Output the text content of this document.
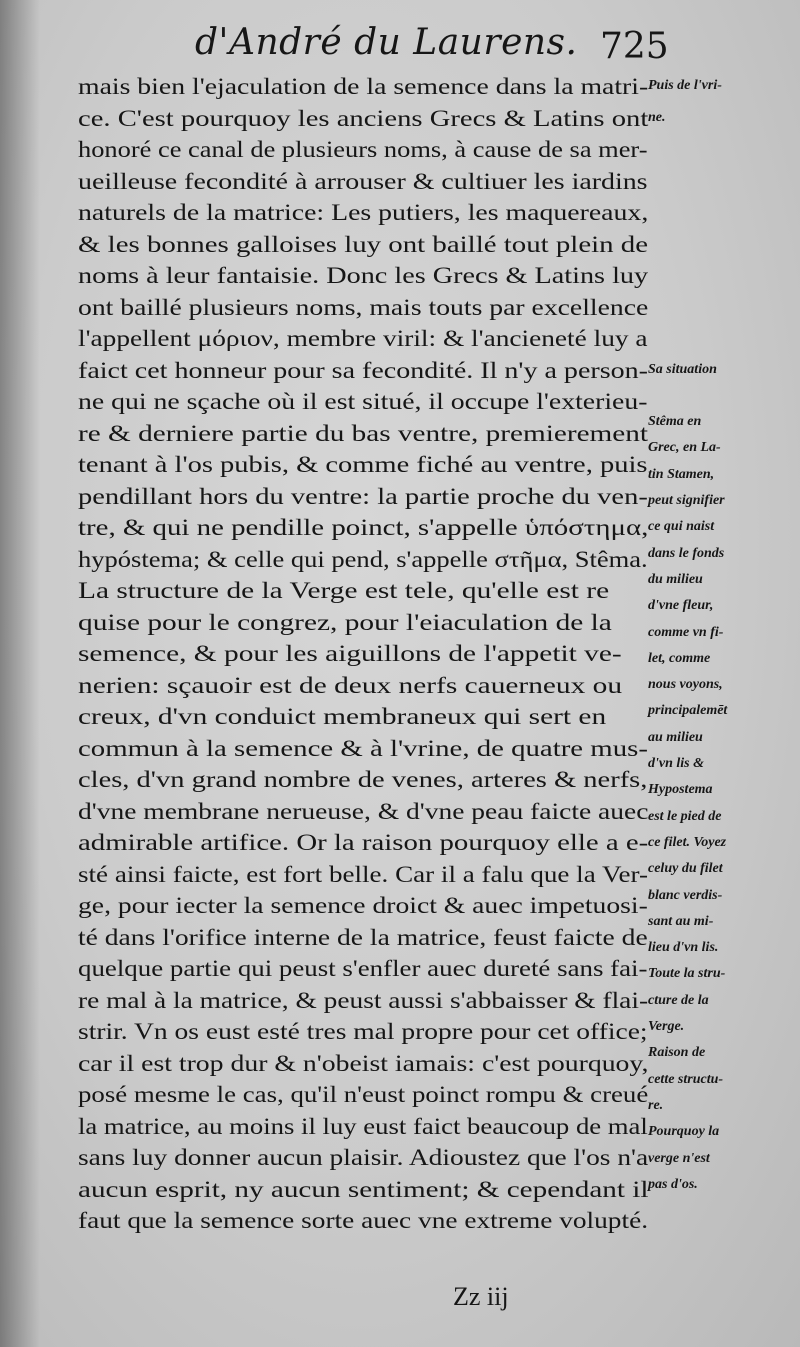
d'André du Laurens. 725
mais bien l'ejaculation de la semence dans la matri-
ce. C'est pourquoy les anciens Grecs & Latins ont
honoré ce canal de plusieurs noms, à cause de sa mer-
ueilleuse fecondité à arrouser & cultiuer les iardins
naturels de la matrice: Les putiers, les maquereaux,
& les bonnes galloises luy ont baillé tout plein de
noms à leur fantaisie. Donc les Grecs & Latins luy
ont baillé plusieurs noms, mais touts par excellence
l'appellent μόριον, membre viril: & l'ancieneté luy a
faict cet honneur pour sa fecondité. Il n'y a person-
ne qui ne sçache où il est situé, il occupe l'exterieu-
re & derniere partie du bas ventre, premierement
tenant à l'os pubis, & comme fiché au ventre, puis
pendillant hors du ventre: la partie proche du ven-
tre, & qui ne pendille poinct, s'appelle ὑπόστημα,
hypóstema; & celle qui pend, s'appelle στῆμα, Stêma.
La structure de la Verge est tele, qu'elle est re
quise pour le congrez, pour l'eiaculation de la
semence, & pour les aiguillons de l'appetit ve-
nerien: sçauoir est de deux nerfs cauerneux ou
creux, d'vn conduict membraneux qui sert en
commun à la semence & à l'vrine, de quatre mus-
cles, d'vn grand nombre de venes, arteres & nerfs,
d'vne membrane nerueuse, & d'vne peau faicte auec
admirable artifice. Or la raison pourquoy elle a e-
sté ainsi faicte, est fort belle. Car il a falu que la Ver-
ge, pour iecter la semence droict & auec impetuosi-
té dans l'orifice interne de la matrice, feust faicte de
quelque partie qui peust s'enfler auec dureté sans fai-
re mal à la matrice, & peust aussi s'abbaisser & flai-
strir. Vn os eust esté tres mal propre pour cet office;
car il est trop dur & n'obeist iamais: c'est pourquoy,
posé mesme le cas, qu'il n'eust poinct rompu & creué
la matrice, au moins il luy eust faict beaucoup de mal
sans luy donner aucun plaisir. Adioustez que l'os n'a
aucun esprit, ny aucun sentiment; & cependant il
faut que la semence sorte auec vne extreme volupté.
Puis de l'vri-
ne.
Sa situation
Stêma en
Grec, en La-
tin Stamen,
peut signifier
ce qui naist
dans le fonds
du milieu
d'vne fleur,
comme vn fi-
let, comme
nous voyons,
principalemēt
au milieu
d'vn lis &
Hypostema
est le pied de
ce filet. Voyez
celuy du filet
blanc verdis-
sant au mi-
lieu d'vn lis.
Toute la stru-
cture de la
Verge.
Raison de
cette structu-
re.
Pourquoy la
verge n'est
pas d'os.
Zz iij
